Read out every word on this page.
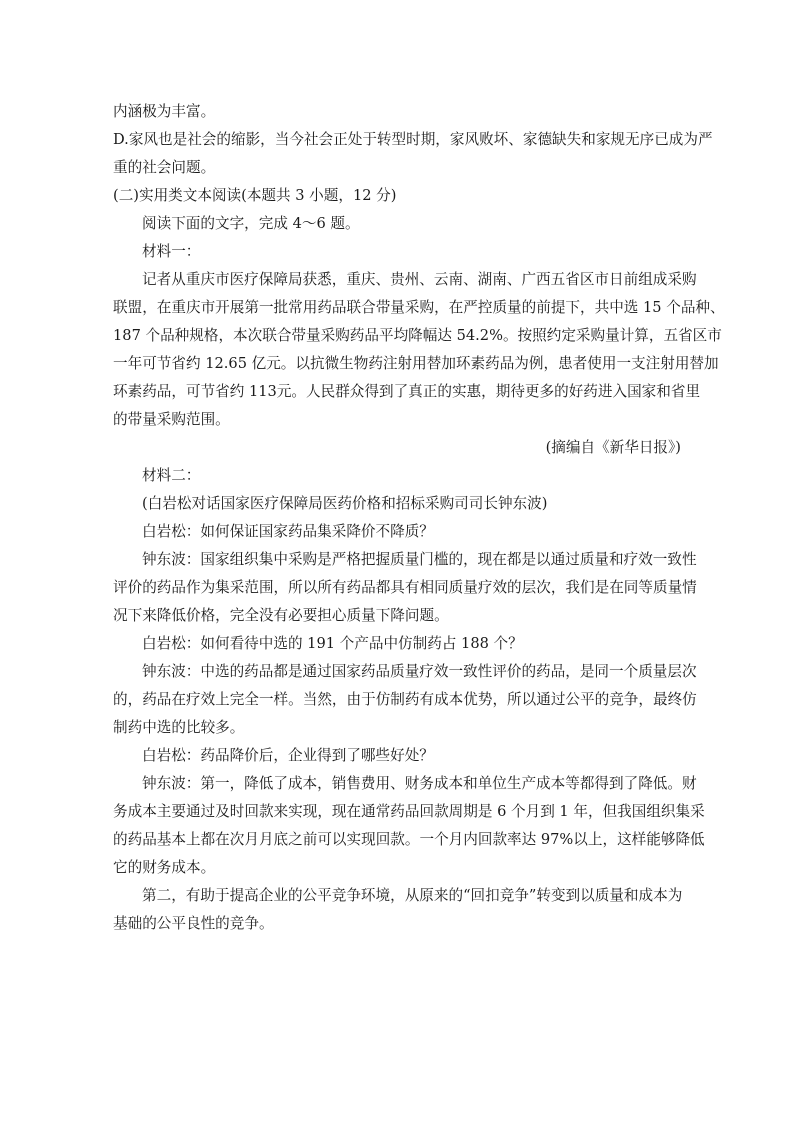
内涵极为丰富。
D.家风也是社会的缩影，当今社会正处于转型时期，家风败坏、家德缺失和家规无序已成为严
重的社会问题。
(二)实用类文本阅读(本题共 3 小题，12 分)
阅读下面的文字，完成 4～6 题。
材料一：
记者从重庆市医疗保障局获悉，重庆、贵州、云南、湖南、广西五省区市日前组成采购
联盟，在重庆市开展第一批常用药品联合带量采购，在严控质量的前提下，共中选 15 个品种、
187 个品种规格，本次联合带量采购药品平均降幅达 54.2%。按照约定采购量计算，五省区市
一年可节省约 12.65 亿元。以抗微生物药注射用替加环素药品为例，患者使用一支注射用替加
环素药品，可节省约 113元。人民群众得到了真正的实惠，期待更多的好药进入国家和省里
的带量采购范围。
(摘编自《新华日报》)
材料二：
(白岩松对话国家医疗保障局医药价格和招标采购司司长钟东波)
白岩松：如何保证国家药品集采降价不降质？
钟东波：国家组织集中采购是严格把握质量门槛的，现在都是以通过质量和疗效一致性
评价的药品作为集采范围，所以所有药品都具有相同质量疗效的层次，我们是在同等质量情
况下来降低价格，完全没有必要担心质量下降问题。
白岩松：如何看待中选的 191 个产品中仿制药占 188 个？
钟东波：中选的药品都是通过国家药品质量疗效一致性评价的药品，是同一个质量层次
的，药品在疗效上完全一样。当然，由于仿制药有成本优势，所以通过公平的竞争，最终仿
制药中选的比较多。
白岩松：药品降价后，企业得到了哪些好处？
钟东波：第一，降低了成本，销售费用、财务成本和单位生产成本等都得到了降低。财
务成本主要通过及时回款来实现，现在通常药品回款周期是 6 个月到 1 年，但我国组织集采
的药品基本上都在次月月底之前可以实现回款。一个月内回款率达 97%以上，这样能够降低
它的财务成本。
第二，有助于提高企业的公平竞争环境，从原来的“回扣竞争”转变到以质量和成本为
基础的公平良性的竞争。
